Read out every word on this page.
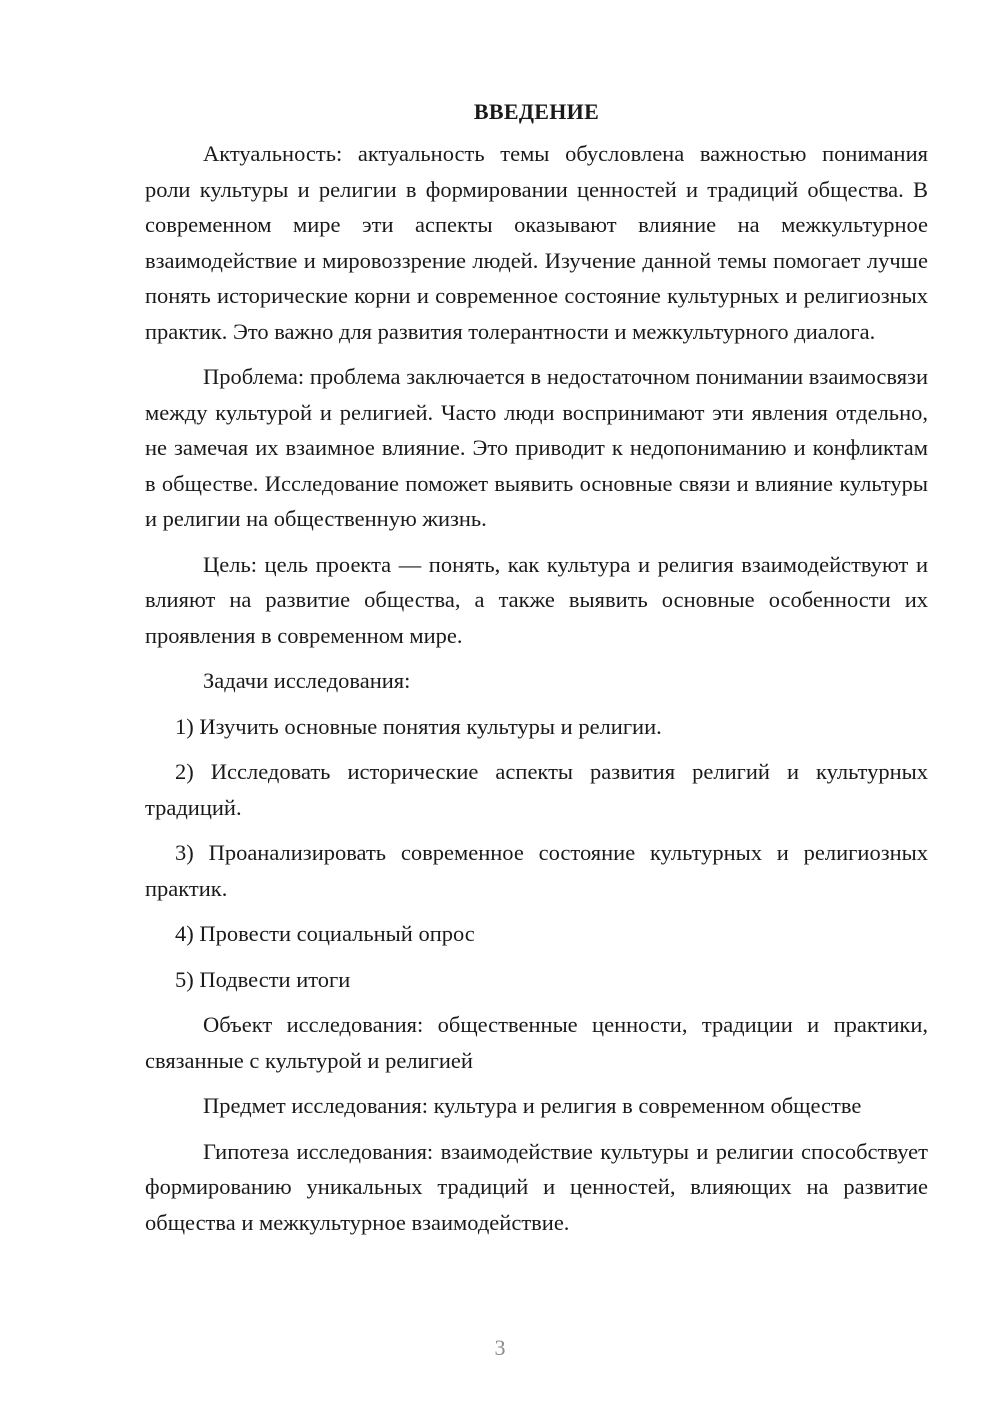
ВВЕДЕНИЕ

Актуальность: актуальность темы обусловлена важностью понимания роли культуры и религии в формировании ценностей и традиций общества. В современном мире эти аспекты оказывают влияние на межкультурное взаимодействие и мировоззрение людей. Изучение данной темы помогает лучше понять исторические корни и современное состояние культурных и религиозных практик. Это важно для развития толерантности и межкультурного диалога.

Проблема: проблема заключается в недостаточном понимании взаимосвязи между культурой и религией. Часто люди воспринимают эти явления отдельно, не замечая их взаимное влияние. Это приводит к недопониманию и конфликтам в обществе. Исследование поможет выявить основные связи и влияние культуры и религии на общественную жизнь.

Цель: цель проекта — понять, как культура и религия взаимодействуют и влияют на развитие общества, а также выявить основные особенности их проявления в современном мире.

Задачи исследования:

1) Изучить основные понятия культуры и религии.

2) Исследовать исторические аспекты развития религий и культурных традиций.

3) Проанализировать современное состояние культурных и религиозных практик.

4) Провести социальный опрос

5) Подвести итоги

Объект исследования: общественные ценности, традиции и практики, связанные с культурой и религией

Предмет исследования: культура и религия в современном обществе

Гипотеза исследования: взаимодействие культуры и религии способствует формированию уникальных традиций и ценностей, влияющих на развитие общества и межкультурное взаимодействие.

3
